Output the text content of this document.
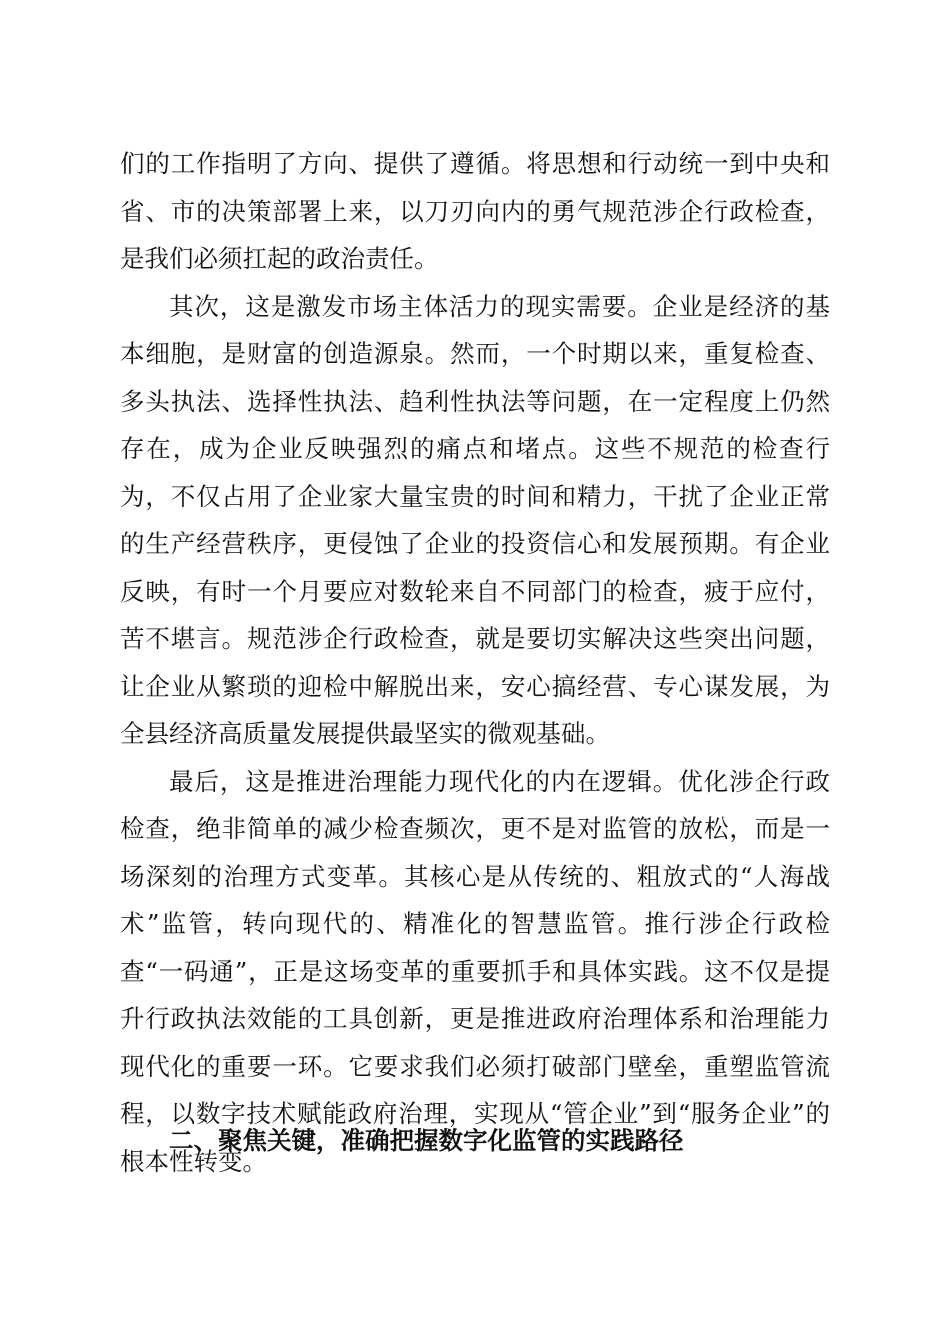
们的工作指明了方向、提供了遵循。将思想和行动统一到中央和省、市的决策部署上来，以刀刃向内的勇气规范涉企行政检查，是我们必须扛起的政治责任。

其次，这是激发市场主体活力的现实需要。企业是经济的基本细胞，是财富的创造源泉。然而，一个时期以来，重复检查、多头执法、选择性执法、趋利性执法等问题，在一定程度上仍然存在，成为企业反映强烈的痛点和堵点。这些不规范的检查行为，不仅占用了企业家大量宝贵的时间和精力，干扰了企业正常的生产经营秩序，更侵蚀了企业的投资信心和发展预期。有企业反映，有时一个月要应对数轮来自不同部门的检查，疲于应付，苦不堪言。规范涉企行政检查，就是要切实解决这些突出问题，让企业从繁琐的迎检中解脱出来，安心搞经营、专心谋发展，为全县经济高质量发展提供最坚实的微观基础。

最后，这是推进治理能力现代化的内在逻辑。优化涉企行政检查，绝非简单的减少检查频次，更不是对监管的放松，而是一场深刻的治理方式变革。其核心是从传统的、粗放式的“人海战术”监管，转向现代的、精准化的智慧监管。推行涉企行政检查“一码通”，正是这场变革的重要抓手和具体实践。这不仅是提升行政执法效能的工具创新，更是推进政府治理体系和治理能力现代化的重要一环。它要求我们必须打破部门壁垒，重塑监管流程，以数字技术赋能政府治理，实现从“管企业”到“服务企业”的根本性转变。

二、聚焦关键，准确把握数字化监管的实践路径
